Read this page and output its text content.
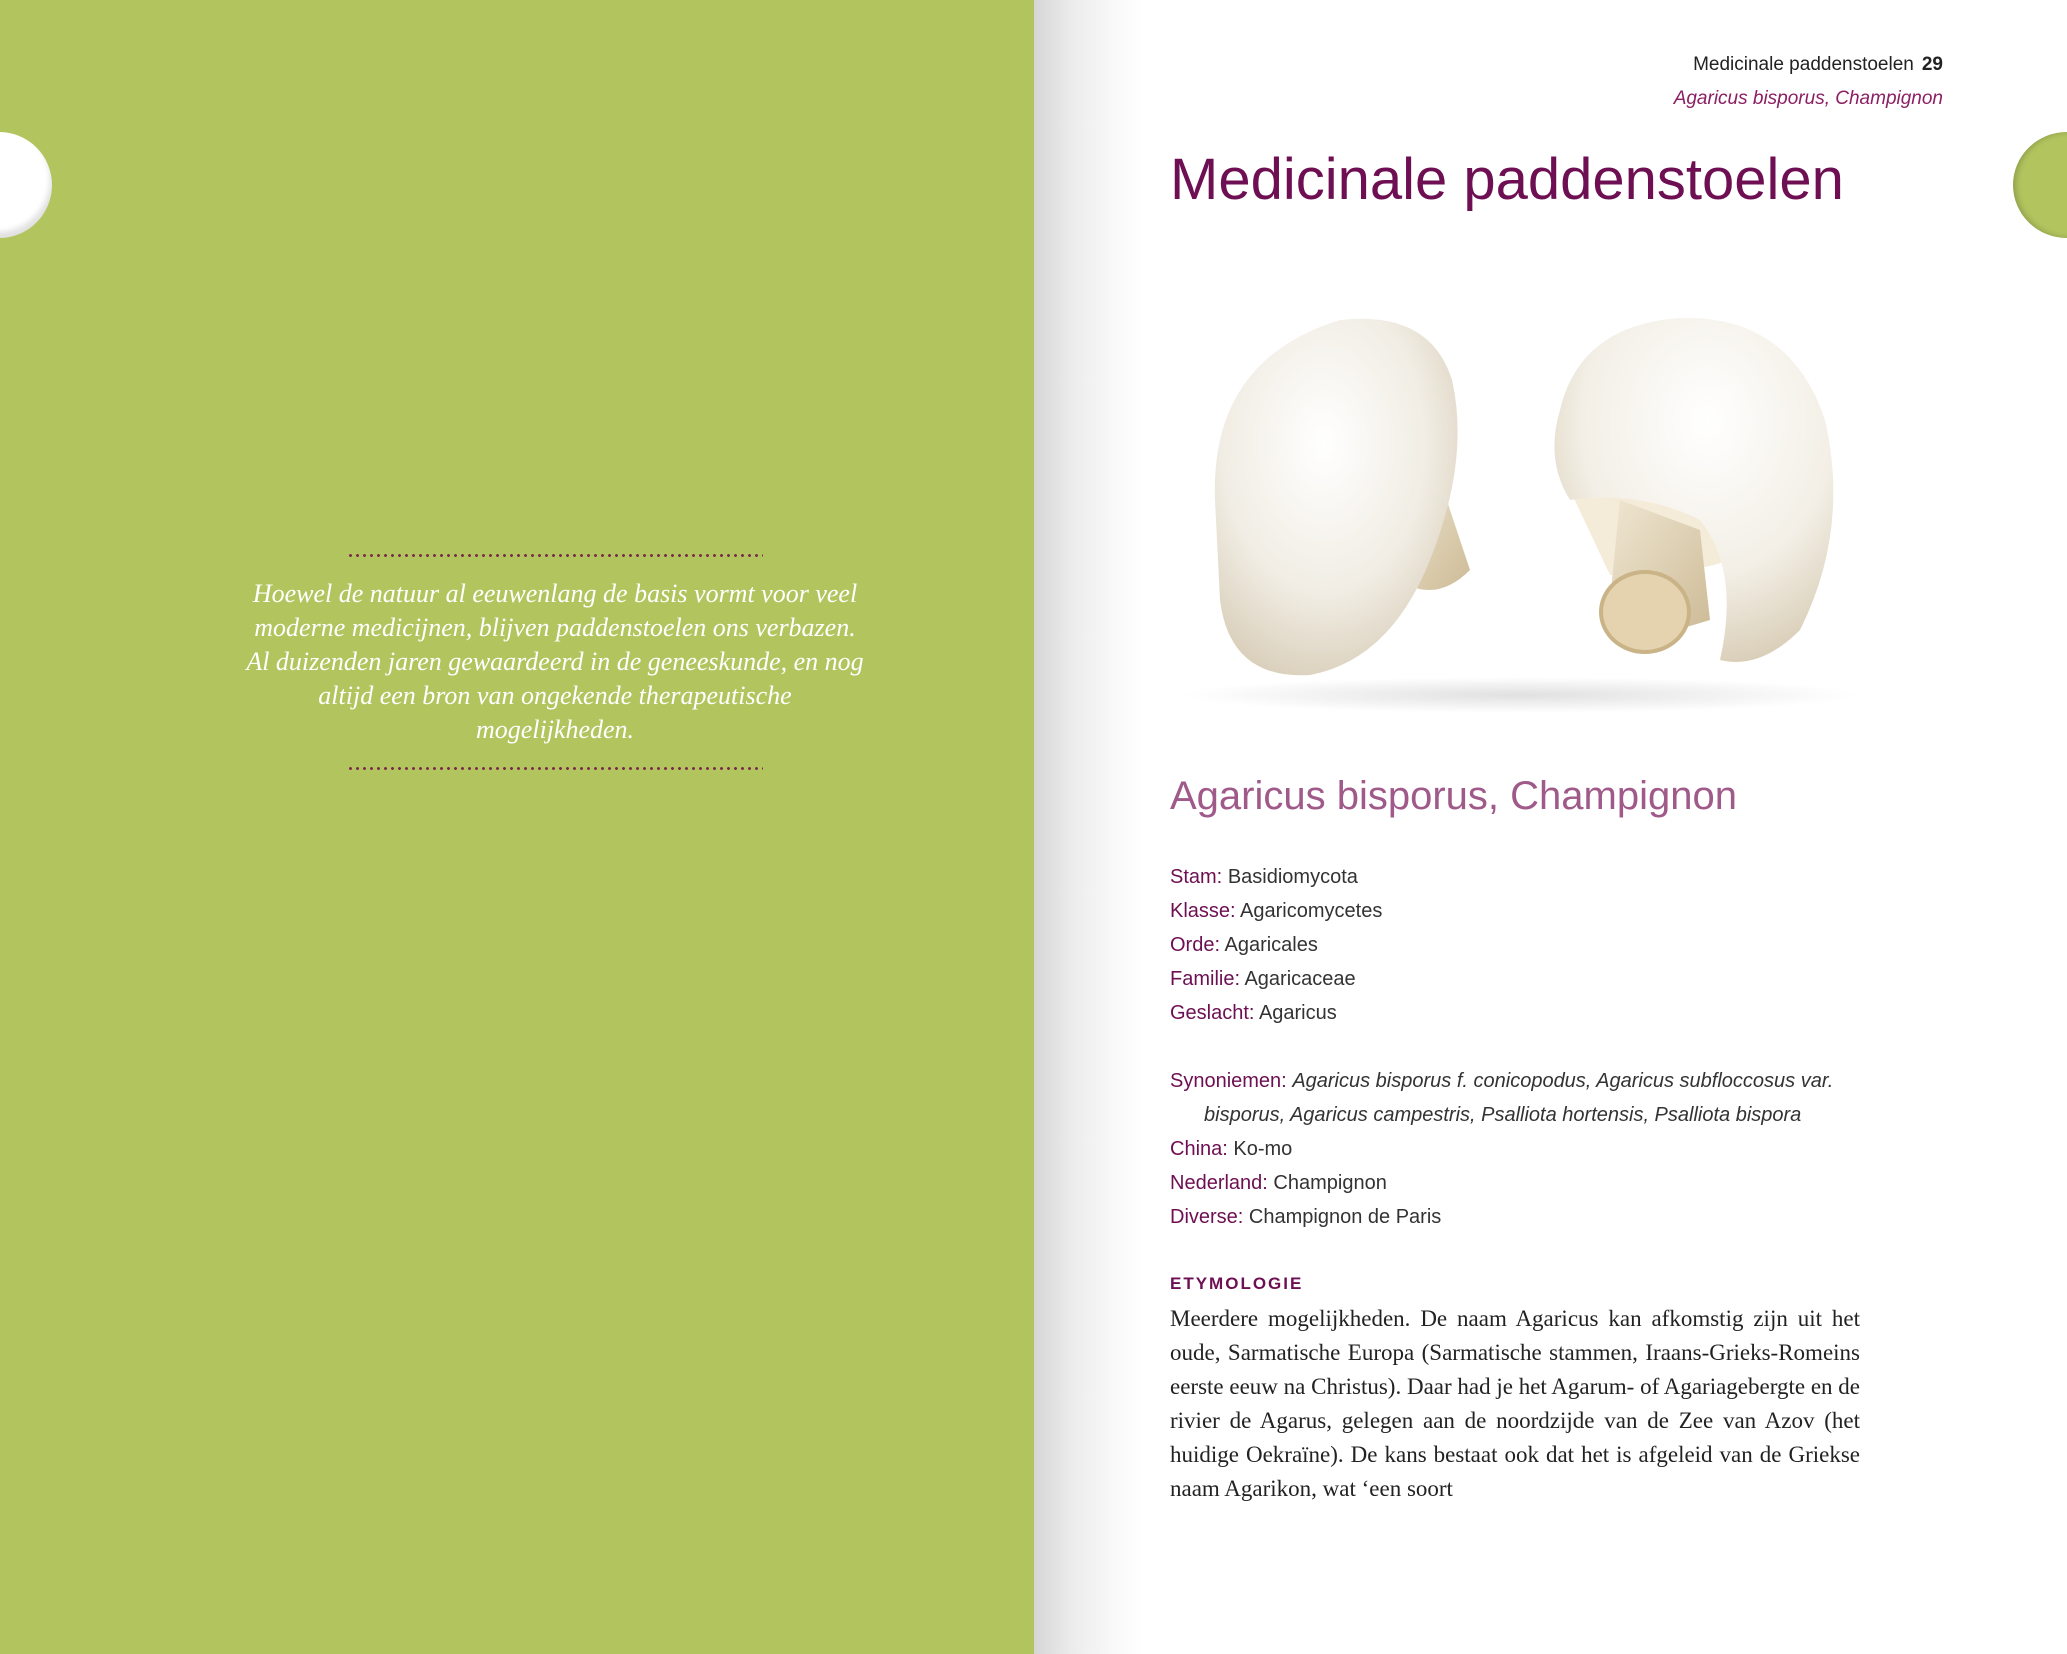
Hoewel de natuur al eeuwenlang de basis vormt voor veel moderne medicijnen, blijven paddenstoelen ons verbazen. Al duizenden jaren gewaardeerd in de geneeskunde, en nog altijd een bron van ongekende therapeutische mogelijkheden.

Medicinale paddenstoelen 29
Agaricus bisporus, Champignon
Medicinale paddenstoelen
Agaricus bisporus, Champignon
Stam: Basidiomycota
Klasse: Agaricomycetes
Orde: Agaricales
Familie: Agaricaceae
Geslacht: Agaricus
Synoniemen: Agaricus bisporus f. conicopodus, Agaricus subfloccosus var. bisporus, Agaricus campestris, Psalliota hortensis, Psalliota bispora
China: Ko-mo
Nederland: Champignon
Diverse: Champignon de Paris
ETYMOLOGIE

Meerdere mogelijkheden. De naam Agaricus kan afkomstig zijn uit het oude, Sarmatische Europa (Sarmatische stammen, Iraans-Grieks-Romeins eerste eeuw na Christus). Daar had je het Agarum- of Agariagebergte en de rivier de Agarus, gelegen aan de noordzijde van de Zee van Azov (het huidige Oekraïne). De kans bestaat ook dat het is afgeleid van de Griekse naam Agarikon, wat ‘een soort
